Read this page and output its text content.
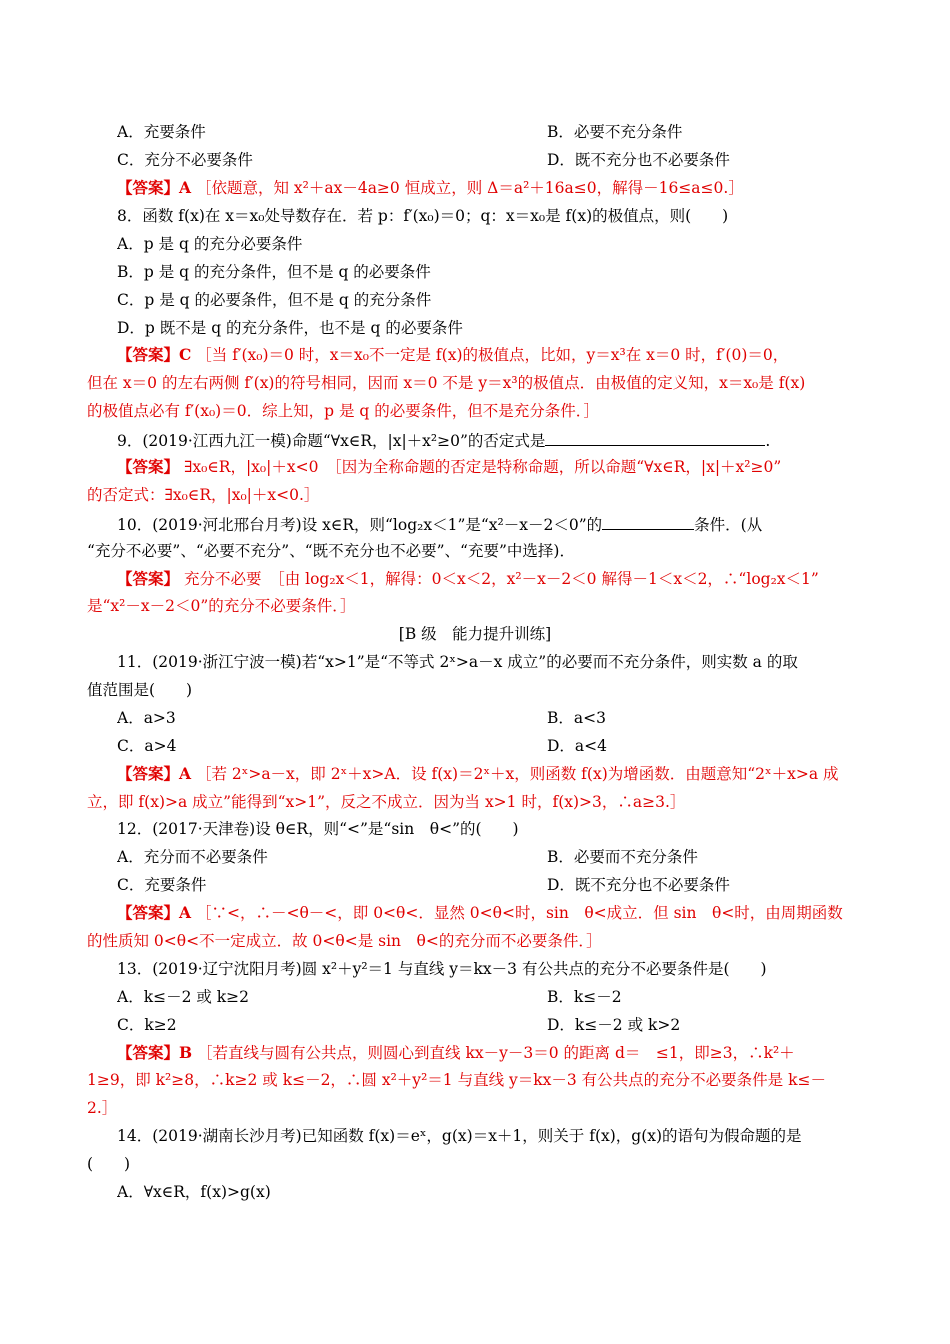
A．充要条件	B．必要不充分条件
C．充分不必要条件	D．既不充分也不必要条件
【答案】A ［依题意，知 x²＋ax－4a≥0 恒成立，则 Δ＝a²＋16a≤0，解得－16≤a≤0.］
8．函数 f(x)在 x＝x₀处导数存在．若 p：f′(x₀)＝0；q：x＝x₀是 f(x)的极值点，则(　　)
A．p 是 q 的充分必要条件
B．p 是 q 的充分条件，但不是 q 的必要条件
C．p 是 q 的必要条件，但不是 q 的充分条件
D．p 既不是 q 的充分条件，也不是 q 的必要条件
【答案】C ［当 f′(x₀)＝0 时，x＝x₀不一定是 f(x)的极值点，比如，y＝x³在 x＝0 时，f′(0)＝0，
但在 x＝0 的左右两侧 f′(x)的符号相同，因而 x＝0 不是 y＝x³的极值点．由极值的定义知，x＝x₀是 f(x)
的极值点必有 f′(x₀)＝0．综上知，p 是 q 的必要条件，但不是充分条件．］
9．(2019·江西九江一模)命题“∀x∈R，|x|＋x²≥0”的否定式是	.
【答案】 ∃x₀∈R，|x₀|＋x<0　［因为全称命题的否定是特称命题，所以命题“∀x∈R，|x|＋x²≥0”
的否定式：∃x₀∈R，|x₀|＋x<0.］
10．(2019·河北邢台月考)设 x∈R，则“log₂x＜1”是“x²－x－2＜0”的	条件．(从
“充分不必要”、“必要不充分”、“既不充分也不必要”、“充要”中选择)．
【答案】 充分不必要　［由 log₂x＜1，解得：0＜x＜2，x²－x－2＜0 解得－1＜x＜2，∴“log₂x＜1”
是“x²－x－2＜0”的充分不必要条件．］
[B 级　能力提升训练]
11．(2019·浙江宁波一模)若“x>1”是“不等式 2ˣ>a－x 成立”的必要而不充分条件，则实数 a 的取
值范围是(　　)
A．a>3	B．a<3
C．a>4	D．a<4
【答案】A ［若 2ˣ>a－x，即 2ˣ＋x>A．设 f(x)＝2ˣ＋x，则函数 f(x)为增函数．由题意知“2ˣ＋x>a 成
立，即 f(x)>a 成立”能得到“x>1”，反之不成立．因为当 x>1 时，f(x)>3，∴a≥3.］
12．(2017·天津卷)设 θ∈R，则“<”是“sin　θ<”的(　　)
A．充分而不必要条件	B．必要而不充分条件
C．充要条件	D．既不充分也不必要条件
【答案】A ［∵<，∴－<θ－<，即 0<θ<．显然 0<θ<时，sin　θ<成立．但 sin　θ<时，由周期函数
的性质知 0<θ<不一定成立．故 0<θ<是 sin　θ<的充分而不必要条件．］
13．(2019·辽宁沈阳月考)圆 x²＋y²＝1 与直线 y＝kx－3 有公共点的充分不必要条件是(　　)
A．k≤－2 或 k≥2	B．k≤－2
C．k≥2	D．k≤－2 或 k>2
【答案】B ［若直线与圆有公共点，则圆心到直线 kx－y－3＝0 的距离 d＝　≤1，即≥3，∴k²＋
1≥9，即 k²≥8，∴k≥2 或 k≤－2，∴圆 x²＋y²＝1 与直线 y＝kx－3 有公共点的充分不必要条件是 k≤－
2.］
14．(2019·湖南长沙月考)已知函数 f(x)＝eˣ，g(x)＝x＋1，则关于 f(x)，g(x)的语句为假命题的是
(　　)
A．∀x∈R，f(x)>g(x)
